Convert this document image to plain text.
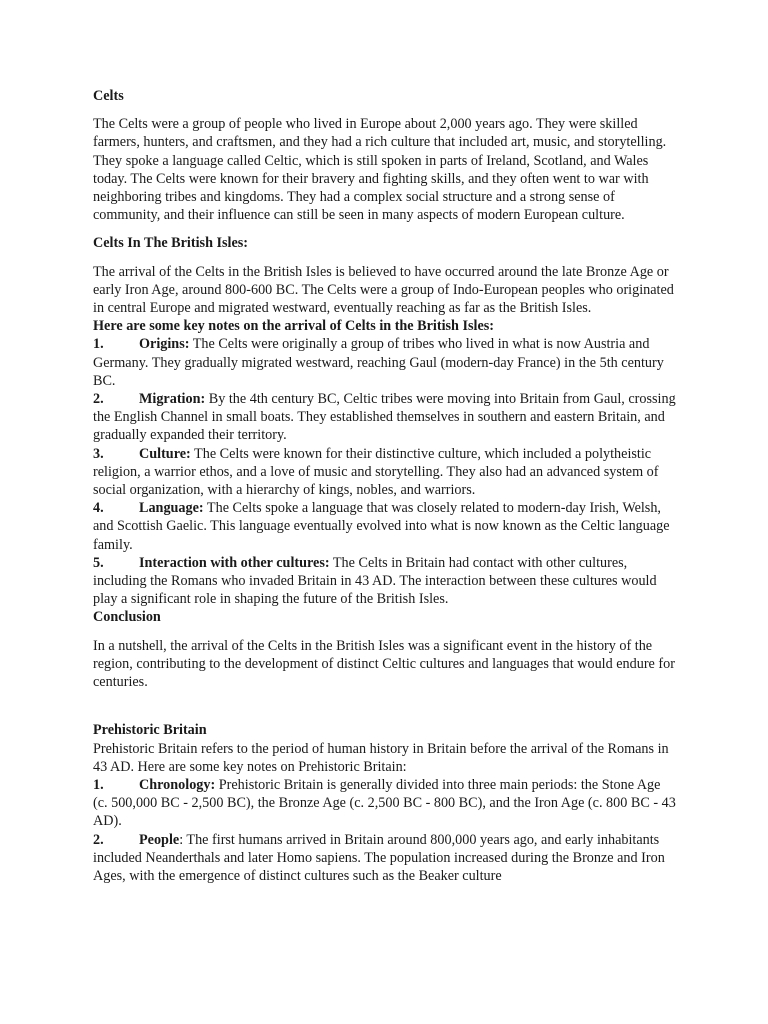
Celts

The Celts were a group of people who lived in Europe about 2,000 years ago. They were skilled farmers, hunters, and craftsmen, and they had a rich culture that included art, music, and storytelling. They spoke a language called Celtic, which is still spoken in parts of Ireland, Scotland, and Wales today. The Celts were known for their bravery and fighting skills, and they often went to war with neighboring tribes and kingdoms. They had a complex social structure and a strong sense of community, and their influence can still be seen in many aspects of modern European culture.

Celts In The British Isles:

The arrival of the Celts in the British Isles is believed to have occurred around the late Bronze Age or early Iron Age, around 800-600 BC. The Celts were a group of Indo-European peoples who originated in central Europe and migrated westward, eventually reaching as far as the British Isles.

Here are some key notes on the arrival of Celts in the British Isles:

1. Origins: The Celts were originally a group of tribes who lived in what is now Austria and Germany. They gradually migrated westward, reaching Gaul (modern-day France) in the 5th century BC.

2. Migration: By the 4th century BC, Celtic tribes were moving into Britain from Gaul, crossing the English Channel in small boats. They established themselves in southern and eastern Britain, and gradually expanded their territory.

3. Culture: The Celts were known for their distinctive culture, which included a polytheistic religion, a warrior ethos, and a love of music and storytelling. They also had an advanced system of social organization, with a hierarchy of kings, nobles, and warriors.

4. Language: The Celts spoke a language that was closely related to modern-day Irish, Welsh, and Scottish Gaelic. This language eventually evolved into what is now known as the Celtic language family.

5. Interaction with other cultures: The Celts in Britain had contact with other cultures, including the Romans who invaded Britain in 43 AD. The interaction between these cultures would play a significant role in shaping the future of the British Isles.

Conclusion

In a nutshell, the arrival of the Celts in the British Isles was a significant event in the history of the region, contributing to the development of distinct Celtic cultures and languages that would endure for centuries.

Prehistoric Britain

Prehistoric Britain refers to the period of human history in Britain before the arrival of the Romans in 43 AD. Here are some key notes on Prehistoric Britain:

1. Chronology: Prehistoric Britain is generally divided into three main periods: the Stone Age (c. 500,000 BC - 2,500 BC), the Bronze Age (c. 2,500 BC - 800 BC), and the Iron Age (c. 800 BC - 43 AD).

2. People: The first humans arrived in Britain around 800,000 years ago, and early inhabitants included Neanderthals and later Homo sapiens. The population increased during the Bronze and Iron Ages, with the emergence of distinct cultures such as the Beaker culture
